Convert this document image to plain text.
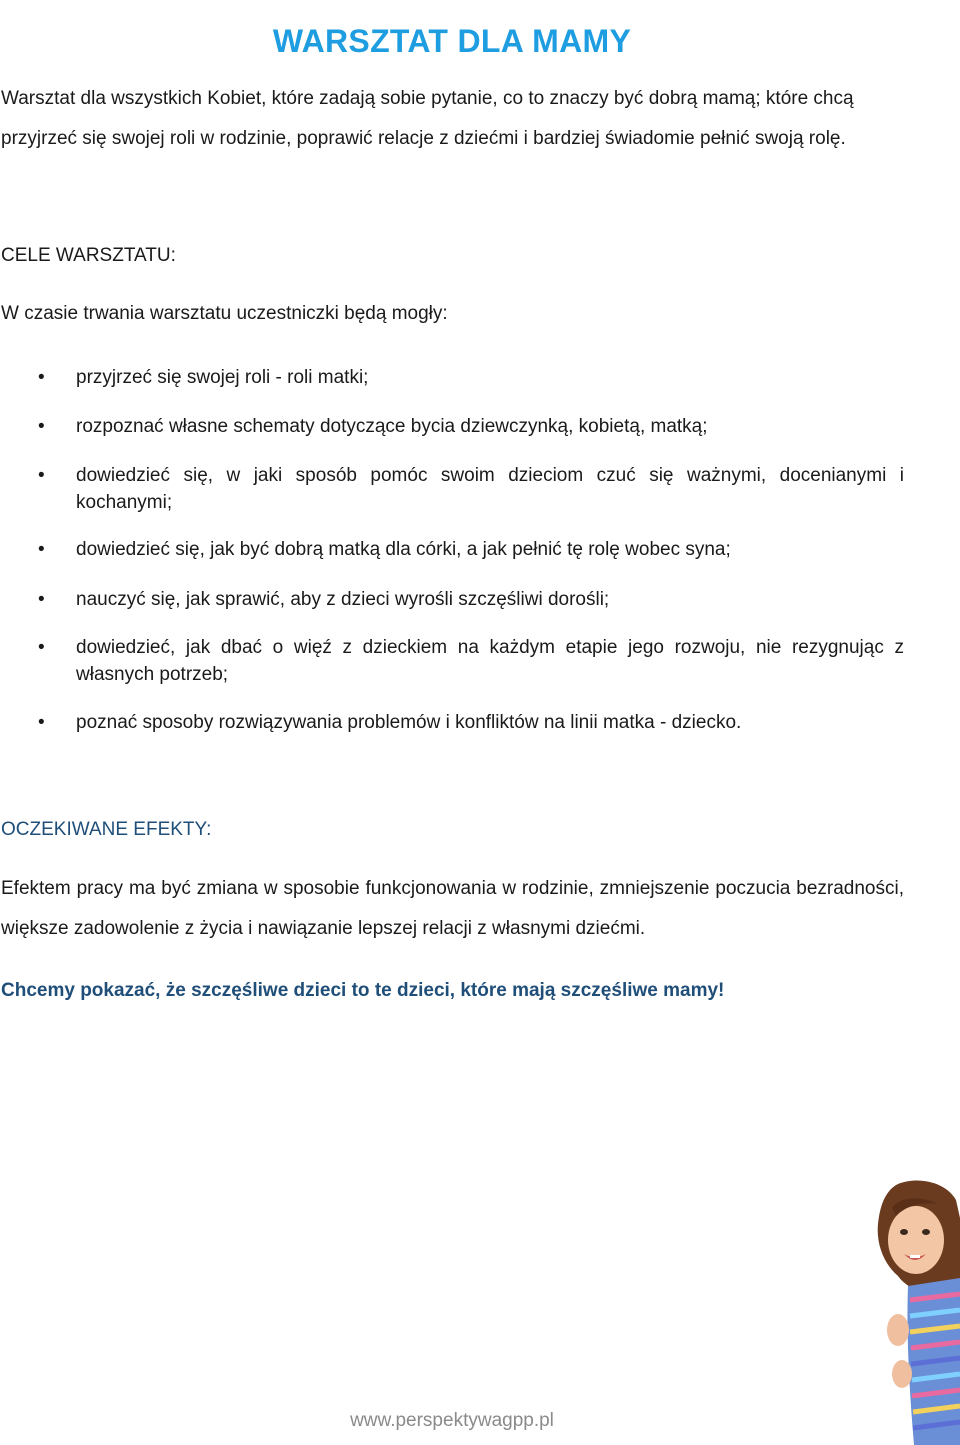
WARSZTAT DLA MAMY

Warsztat dla wszystkich Kobiet, które zadają sobie pytanie, co to znaczy być dobrą mamą; które chcą przyjrzeć się swojej roli w rodzinie, poprawić relacje z dziećmi i bardziej świadomie pełnić swoją rolę.

CELE WARSZTATU:

W czasie trwania warsztatu uczestniczki będą mogły:

• przyjrzeć się swojej roli - roli matki;
• rozpoznać własne schematy dotyczące bycia dziewczynką, kobietą, matką;
• dowiedzieć się, w jaki sposób pomóc swoim dzieciom czuć się ważnymi, docenianymi i kochanymi;
• dowiedzieć się, jak być dobrą matką dla córki, a jak pełnić tę rolę wobec syna;
• nauczyć się, jak sprawić, aby z dzieci wyrośli szczęśliwi dorośli;
• dowiedzieć, jak dbać o więź z dzieckiem na każdym etapie jego rozwoju, nie rezygnując z własnych potrzeb;
• poznać sposoby rozwiązywania problemów i konfliktów na linii matka - dziecko.
OCZEKIWANE EFEKTY:

Efektem pracy ma być zmiana w sposobie funkcjonowania w rodzinie, zmniejszenie poczucia bezradności, większe zadowolenie z życia i nawiązanie lepszej relacji z własnymi dziećmi.

Chcemy pokazać, że szczęśliwe dzieci to te dzieci, które mają szczęśliwe mamy!

www.perspektywagpp.pl
